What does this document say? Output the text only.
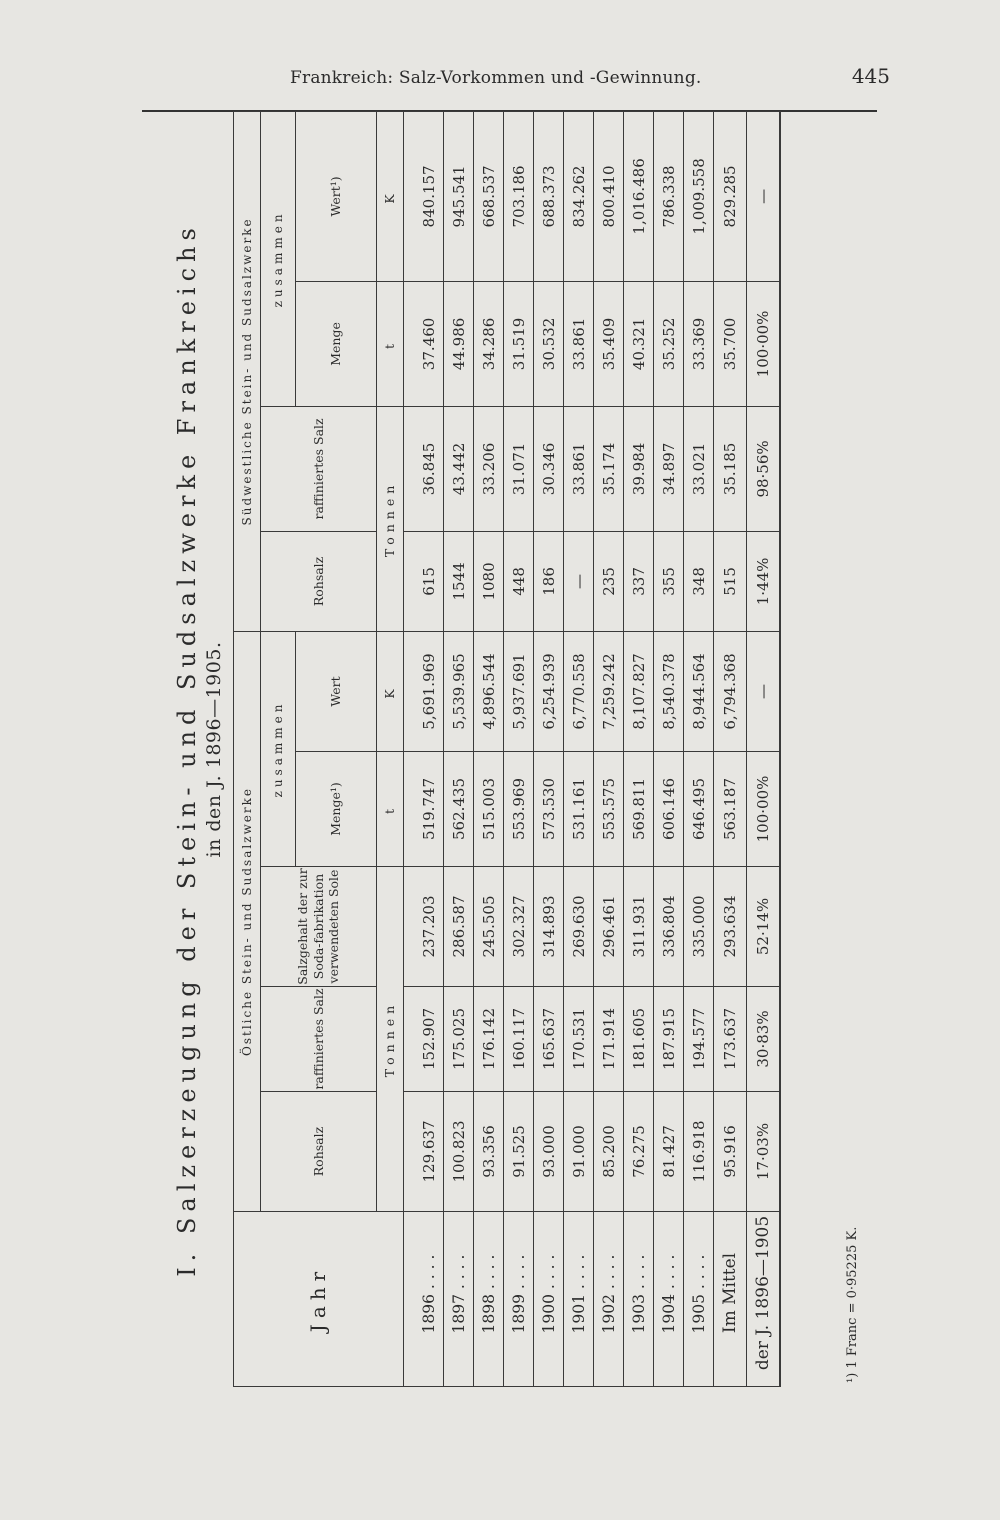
Frankreich: Salz-Vorkommen und -Gewinnung.	445
I. Salzerzeugung der Stein- und Sudsalzwerke Frankreichs in den J. 1896—1905.
Jahr	Östliche Stein- und Sudsalzwerke					Südwestliche Stein- und Sudsalzwerke			
	Rohsalz	raffiniertes Salz	Salzgehalt der zur Soda-fabrikation verwendeten Sole	zusammen		Rohsalz	raffiniertes Salz	zusammen	
				Menge¹)	Wert			Menge	Wert¹)
	Tonnen			t	K	Tonnen		t	K
1896 . . . .	129.637	152.907	237.203	519.747	5,691.969	615	36.845	37.460	840.157
1897 . . . .	100.823	175.025	286.587	562.435	5,539.965	1544	43.442	44.986	945.541
1898 . . . .	93.356	176.142	245.505	515.003	4,896.544	1080	33.206	34.286	668.537
1899 . . . .	91.525	160.117	302.327	553.969	5,937.691	448	31.071	31.519	703.186
1900 . . . .	93.000	165.637	314.893	573.530	6,254.939	186	30.346	30.532	688.373
1901 . . . .	91.000	170.531	269.630	531.161	6,770.558	—	33.861	33.861	834.262
1902 . . . .	85.200	171.914	296.461	553.575	7,259.242	235	35.174	35.409	800.410
1903 . . . .	76.275	181.605	311.931	569.811	8,107.827	337	39.984	40.321	1,016.486
1904 . . . .	81.427	187.915	336.804	606.146	8,540.378	355	34.897	35.252	786.338
1905 . . . .	116.918	194.577	335.000	646.495	8,944.564	348	33.021	33.369	1,009.558
Im Mittel	95.916	173.637	293.634	563.187	6,794.368	515	35.185	35.700	829.285
der J. 1896—1905	17·03%	30·83%	52·14%	100·00%	—	1·44%	98·56%	100·00%	—
¹) 1 Franc = 0·95225 K.
